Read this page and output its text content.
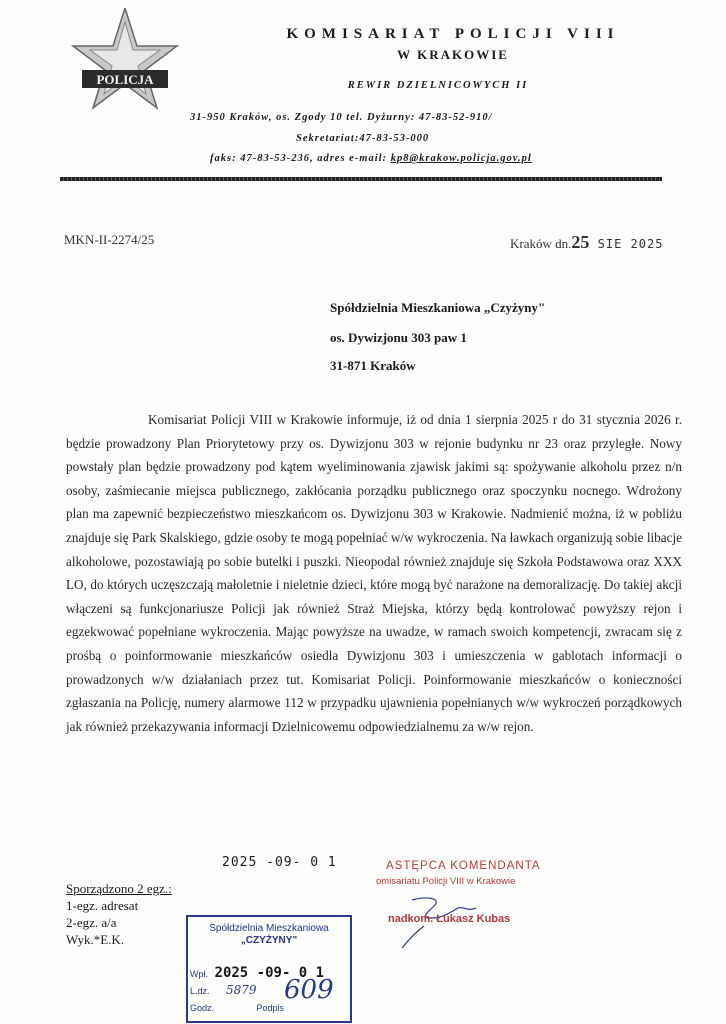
POLICJA
KOMISARIAT POLICJI VIII
W KRAKOWIE
REWIR DZIELNICOWYCH II
31-950 Kraków, os. Zgody 10 tel. Dyżurny: 47-83-52-910/
Sekretariat:47-83-53-000
faks: 47-83-53-236, adres e-mail: kp8@krakow.policja.gov.pl
MKN-II-2274/25	Kraków dn.25 SIE 2025
Spółdzielnia Mieszkaniowa „Czyżyny"
os. Dywizjonu 303 paw 1
31-871 Kraków

Komisariat Policji VIII w Krakowie informuje, iż od dnia 1 sierpnia 2025 r do 31 stycznia 2026 r. będzie prowadzony Plan Priorytetowy przy os. Dywizjonu 303 w rejonie budynku nr 23 oraz przyległe. Nowy powstały plan będzie prowadzony pod kątem wyeliminowania zjawisk jakimi są: spożywanie alkoholu przez n/n osoby, zaśmiecanie miejsca publicznego, zakłócania porządku publicznego oraz spoczynku nocnego. Wdrożony plan ma zapewnić bezpieczeństwo mieszkańcom os. Dywizjonu 303 w Krakowie. Nadmienić można, iż w pobliżu znajduje się Park Skalskiego, gdzie osoby te mogą popełniać w/w wykroczenia. Na ławkach organizują sobie libacje alkoholowe, pozostawiają po sobie butelki i puszki. Nieopodal również znajduje się Szkoła Podstawowa oraz XXX LO, do których uczęszczają małoletnie i nieletnie dzieci, które mogą być narażone na demoralizację. Do takiej akcji włączeni są funkcjonariusze Policji jak również Straż Miejska, którzy będą kontrolować powyższy rejon i egzekwować popełniane wykroczenia. Mając powyższe na uwadze, w ramach swoich kompetencji, zwracam się z prośbą o poinformowanie mieszkańców osiedla Dywizjonu 303 i umieszczenia w gablotach informacji o prowadzonych w/w działaniach przez tut. Komisariat Policji. Poinformowanie mieszkańców o konieczności zgłaszania na Policję, numery alarmowe 112 w przypadku ujawnienia popełnianych w/w wykroczeń porządkowych jak również przekazywania informacji Dzielnicowemu odpowiedzialnemu za w/w rejon.

2025 -09- 0 1
Sporządzono 2 egz.:
1-egz. adresat
2-egz. a/a
Wyk.*E.K.
Spółdzielnia Mieszkaniowa
„CZYŻYNY"
Wpł. 2025 -09- 0 1
L.dz. 5879 609
Godz.	Podpis
ASTĘPCA KOMENDANTA
omisariatu Policji VIII w Krakowie
nadkom. Łukasz Kubas
